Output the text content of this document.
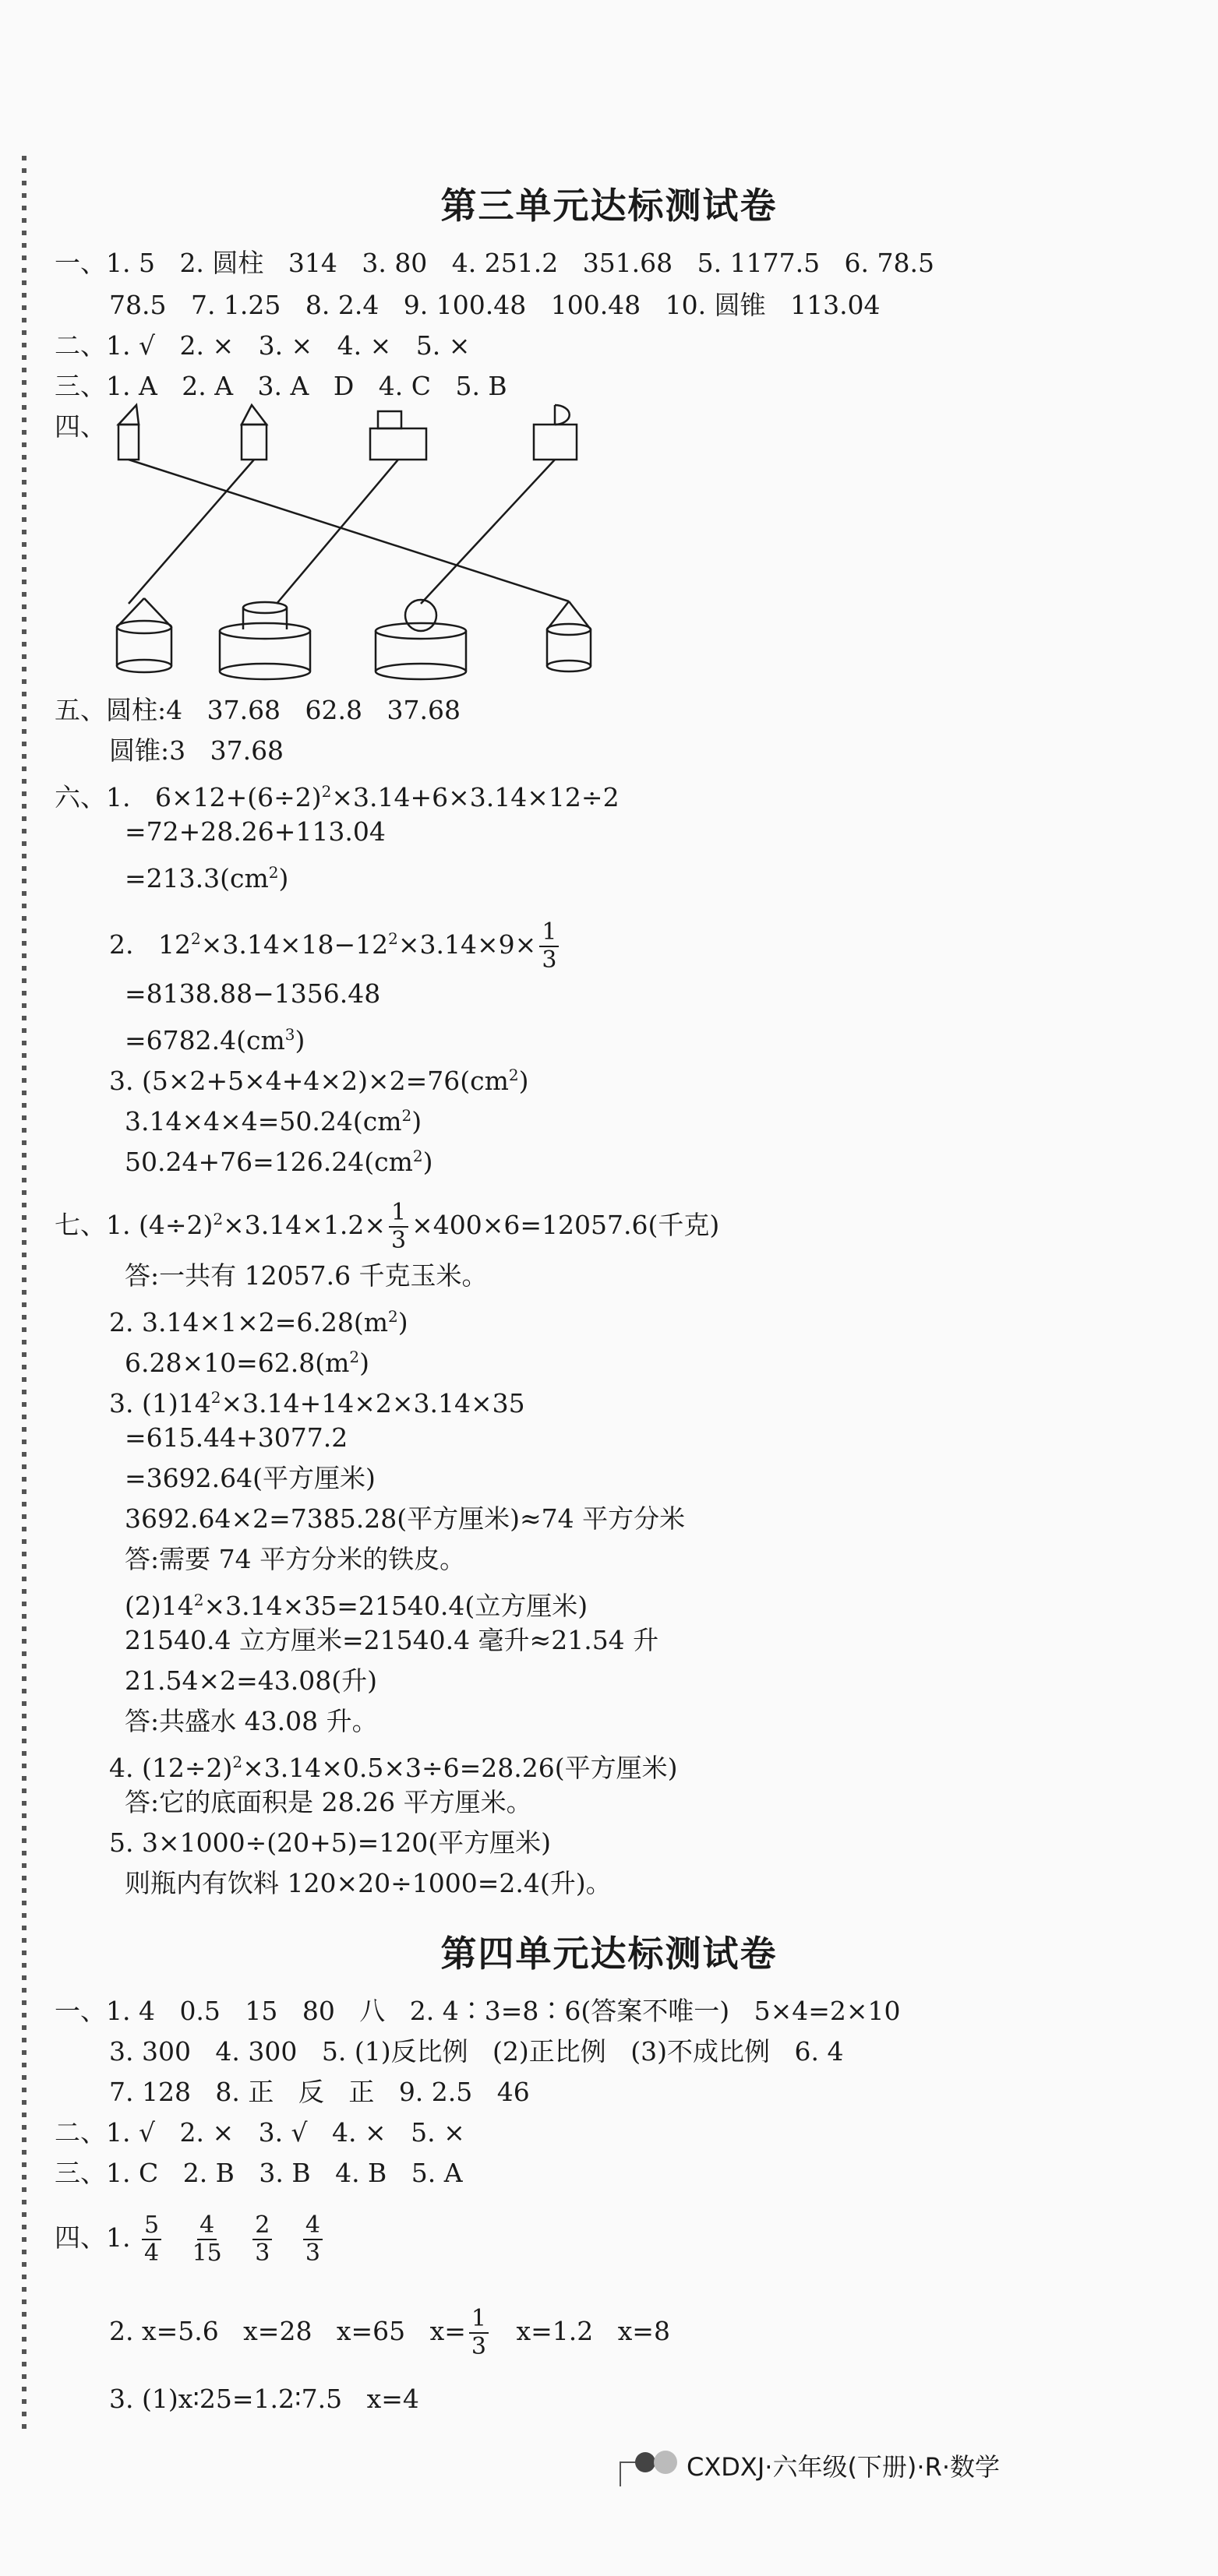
第三单元达标测试卷
一、1. 5   2. 圆柱   314   3. 80   4. 251.2   351.68   5. 1177.5   6. 78.5
78.5   7. 1.25   8. 2.4   9. 100.48   100.48   10. 圆锥   113.04
二、1. √   2. ×   3. ×   4. ×   5. ×
三、1. A   2. A   3. A   D   4. C   5. B
四、
五、圆柱:4   37.68   62.8   37.68
圆锥:3   37.68
六、1.   $6\times 12+(6\div 2)^2\times 3.14+6\times 3.14\times 12\div 2$
=72+28.26+113.04
$=213.3(cm^2)$
2. $12^2\times 3.14\times 18-12^2\times 3.14\times 9\times \frac{1}{3}$
=8138.88−1356.48
$=6782.4(cm^3)$
3. $(5\times 2+5\times 4+4\times 2)\times 2=76(cm^2)$
$3.14\times 4\times 4=50.24(cm^2)$
$50.24+76=126.24(cm^2)$
七、1. $(4\div 2)^2\times 3.14\times 1.2\times \frac{1}{3} \times 400\times 6=12057.6$(千克)
答:一共有 12057.6 千克玉米。
2. $3.14\times 1\times 2=6.28(m^2)$
$6.28\times 10=62.8(m^2)$
3. $(1)14^2\times 3.14+14\times 2\times 3.14\times 35$
=615.44+3077.2
=3692.64(平方厘米)
3692.64×2=7385.28(平方厘米)≈74 平方分米
答:需要 74 平方分米的铁皮。
$(2)14^2\times 3.14\times 35=21540.4$(立方厘米)
21540.4 立方厘米=21540.4 毫升≈21.54 升
21.54×2=43.08(升)
答:共盛水 43.08 升。
4. $(12\div 2)^2\times 3.14\times 0.5\times 3\div 6=28.26$(平方厘米)
答:它的底面积是 28.26 平方厘米。
5. 3×1000÷(20+5)=120(平方厘米)
则瓶内有饮料 120×20÷1000=2.4(升)。
第四单元达标测试卷
一、1. 4   0.5   15   80   八   2. 4∶3=8∶6(答案不唯一)   5×4=2×10
3. 300   4. 300   5. (1)反比例   (2)正比例   (3)不成比例   6. 4
7. 128   8. 正   反   正   9. 2.5   46
二、1. √   2. ×   3. √   4. ×   5. ×
三、1. C   2. B   3. B   4. B   5. A
四、1. $\frac{5}{4}$
$\frac{4}{15}$
$\frac{2}{3}$
$\frac{4}{3}$
2. x=5.6   x=28   x=65   $x= \frac{1}{3} x=1.2$   x=8
3. (1)x∶25=1.2∶7.5   x=4
CXDXJ·六年级(下册)·R·数学
